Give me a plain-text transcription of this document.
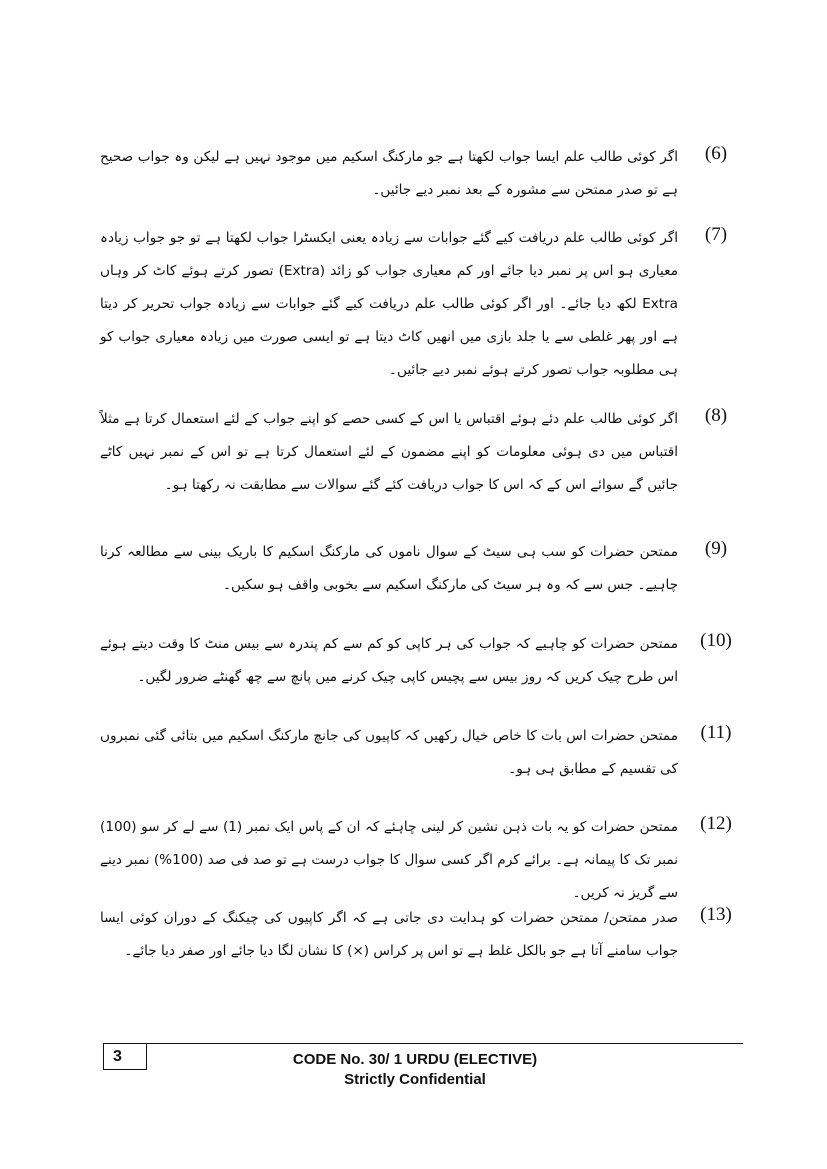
(6)
اگر کوئی طالب علم ایسا جواب لکھتا ہے جو مارکنگ اسکیم میں موجود نہیں ہے لیکن وہ جواب صحیح ہے تو صدر ممتحن سے مشورہ کے بعد نمبر دیے جائیں۔
(7)
اگر کوئی طالب علم دریافت کیے گئے جوابات سے زیادہ یعنی ایکسٹرا جواب لکھتا ہے تو جو جواب زیادہ معیاری ہو اس پر نمبر دیا جائے اور کم معیاری جواب کو زائد (Extra) تصور کرتے ہوئے کاٹ کر وہاں Extra لکھ دیا جائے۔ اور اگر کوئی طالب علم دریافت کیے گئے جوابات سے زیادہ جواب تحریر کر دیتا ہے اور پھر غلطی سے یا جلد بازی میں انھیں کاٹ دیتا ہے تو ایسی صورت میں زیادہ معیاری جواب کو ہی مطلوبہ جواب تصور کرتے ہوئے نمبر دیے جائیں۔
(8)
اگر کوئی طالب علم دئے ہوئے اقتباس یا اس کے کسی حصے کو اپنے جواب کے لئے استعمال کرتا ہے مثلاً اقتباس میں دی ہوئی معلومات کو اپنے مضمون کے لئے استعمال کرتا ہے تو اس کے نمبر نہیں کاٹے جائیں گے سوائے اس کے کہ اس کا جواب دریافت کئے گئے سوالات سے مطابقت نہ رکھتا ہو۔
(9)
ممتحن حضرات کو سب ہی سیٹ کے سوال ناموں کی مارکنگ اسکیم کا باریک بینی سے مطالعہ کرنا چاہیے۔ جس سے کہ وہ ہر سیٹ کی مارکنگ اسکیم سے بخوبی واقف ہو سکیں۔
(10)
ممتحن حضرات کو چاہیے کہ جواب کی ہر کاپی کو کم سے کم پندرہ سے بیس منٹ کا وقت دیتے ہوئے اس طرح چیک کریں کہ روز بیس سے پچیس کاپی چیک کرنے میں پانچ سے چھ گھنٹے ضرور لگیں۔
(11)
ممتحن حضرات اس بات کا خاص خیال رکھیں کہ کاپیوں کی جانچ مارکنگ اسکیم میں بتائی گئی نمبروں کی تقسیم کے مطابق ہی ہو۔
(12)
ممتحن حضرات کو یہ بات ذہن نشین کر لینی چاہئے کہ ان کے پاس ایک نمبر (1) سے لے کر سو (100) نمبر تک کا پیمانہ ہے۔ برائے کرم اگر کسی سوال کا جواب درست ہے تو صد فی صد (100%) نمبر دینے سے گریز نہ کریں۔
(13)
صدر ممتحن/ ممتحن حضرات کو ہدایت دی جاتی ہے کہ اگر کاپیوں کی چیکنگ کے دوران کوئی ایسا جواب سامنے آتا ہے جو بالکل غلط ہے تو اس پر کراس (×) کا نشان لگا دیا جائے اور صفر دیا جائے۔
3	CODE No. 30/ 1 URDU (ELECTIVE)
Strictly Confidential
